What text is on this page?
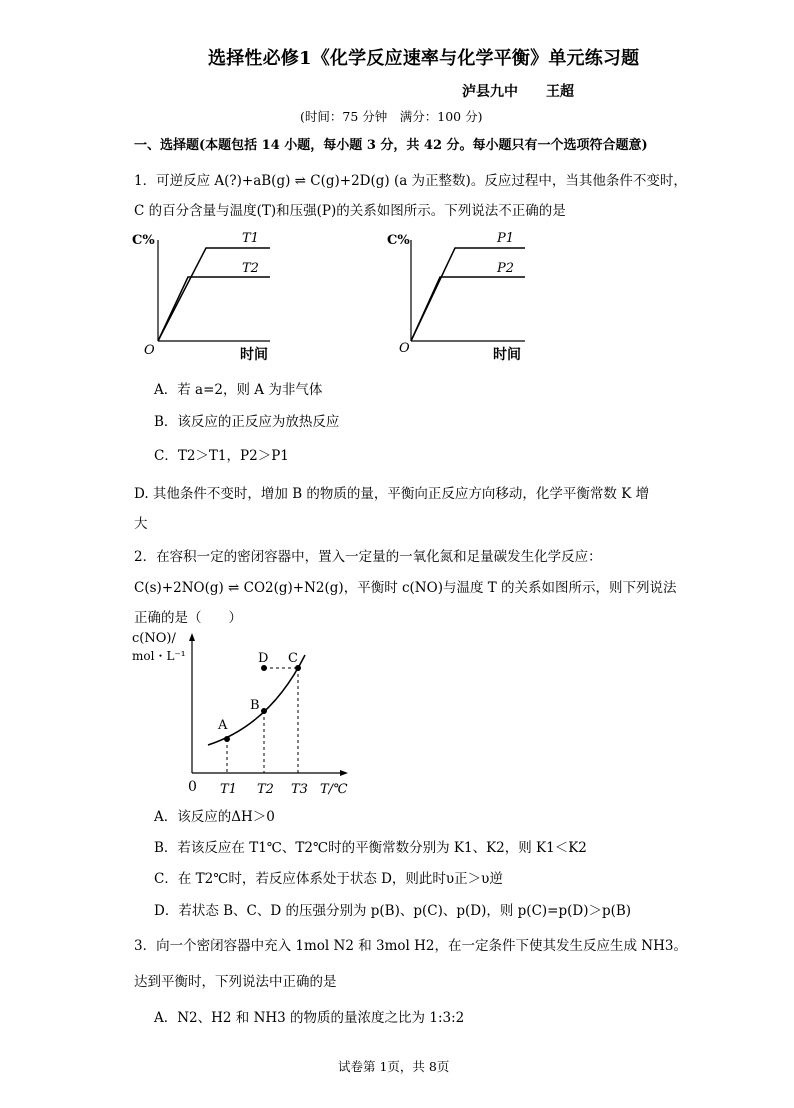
选择性必修1《化学反应速率与化学平衡》单元练习题
泸县九中　　王超
(时间：75 分钟　满分：100 分)
一、选择题(本题包括 14 小题，每小题 3 分，共 42 分。每小题只有一个选项符合题意)
1．可逆反应 A(?)+aB(g) ⇌ C(g)+2D(g) (a 为正整数)。反应过程中，当其他条件不变时，
C 的百分含量与温度(T)和压强(P)的关系如图所示。下列说法不正确的是
C%	T1
T2
O	时间
C%	P1
P2
O	时间
A．若 a=2，则 A 为非气体
B．该反应的正反应为放热反应
C．T2＞T1，P2＞P1
D. 其他条件不变时，增加 B 的物质的量，平衡向正反应方向移动，化学平衡常数 K 增
大
2．在容积一定的密闭容器中，置入一定量的一氧化氮和足量碳发生化学反应：
C(s)+2NO(g) ⇌ CO2(g)+N2(g)，平衡时 c(NO)与温度 T 的关系如图所示，则下列说法
正确的是（　　）
c(NO)/
mol・L⁻¹
A
B
C
D
0 T1 T2 T3 T/℃
A．该反应的ΔH＞0
B．若该反应在 T1℃、T2℃时的平衡常数分别为 K1、K2，则 K1＜K2
C．在 T2℃时，若反应体系处于状态 D，则此时υ正＞υ逆
D．若状态 B、C、D 的压强分别为 p(B)、p(C)、p(D)，则 p(C)=p(D)＞p(B)
3．向一个密闭容器中充入 1mol N2 和 3mol H2，在一定条件下使其发生反应生成 NH3。
达到平衡时，下列说法中正确的是
A．N2、H2 和 NH3 的物质的量浓度之比为 1:3:2
试卷第 1页，共 8页
